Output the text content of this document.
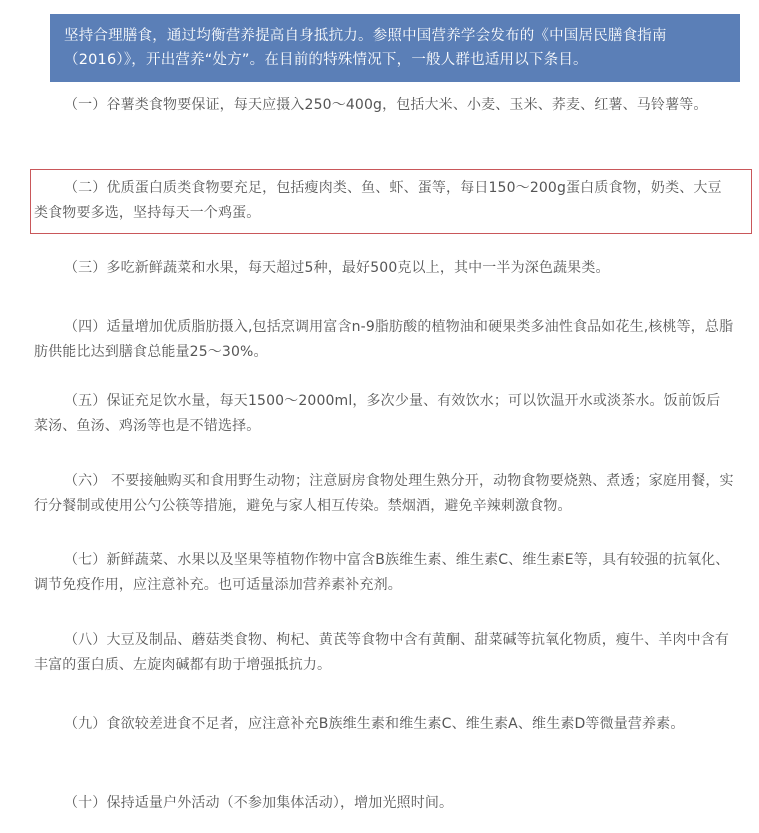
坚持合理膳食，通过均衡营养提高自身抵抗力。参照中国营养学会发布的《中国居民膳食指南（2016）》，开出营养“处方”。在目前的特殊情况下，一般人群也适用以下条目。

（一）谷薯类食物要保证，每天应摄入250～400g，包括大米、小麦、玉米、荞麦、红薯、马铃薯等。

（二）优质蛋白质类食物要充足，包括瘦肉类、鱼、虾、蛋等，每日150～200g蛋白质食物，奶类、大豆类食物要多选，坚持每天一个鸡蛋。

（三）多吃新鲜蔬菜和水果，每天超过5种，最好500克以上，其中一半为深色蔬果类。

（四）适量增加优质脂肪摄入,包括烹调用富含n-9脂肪酸的植物油和硬果类多油性食品如花生,核桃等，总脂肪供能比达到膳食总能量25～30%。

（五）保证充足饮水量，每天1500～2000ml，多次少量、有效饮水；可以饮温开水或淡茶水。饭前饭后菜汤、鱼汤、鸡汤等也是不错选择。

（六） 不要接触购买和食用野生动物；注意厨房食物处理生熟分开，动物食物要烧熟、煮透；家庭用餐，实行分餐制或使用公勺公筷等措施，避免与家人相互传染。禁烟酒，避免辛辣刺激食物。

（七）新鲜蔬菜、水果以及坚果等植物作物中富含B族维生素、维生素C、维生素E等，具有较强的抗氧化、调节免疫作用，应注意补充。也可适量添加营养素补充剂。

（八）大豆及制品、蘑菇类食物、枸杞、黄芪等食物中含有黄酮、甜菜碱等抗氧化物质，瘦牛、羊肉中含有丰富的蛋白质、左旋肉碱都有助于增强抵抗力。

（九）食欲较差进食不足者，应注意补充B族维生素和维生素C、维生素A、维生素D等微量营养素。

（十）保持适量户外活动（不参加集体活动），增加光照时间。
